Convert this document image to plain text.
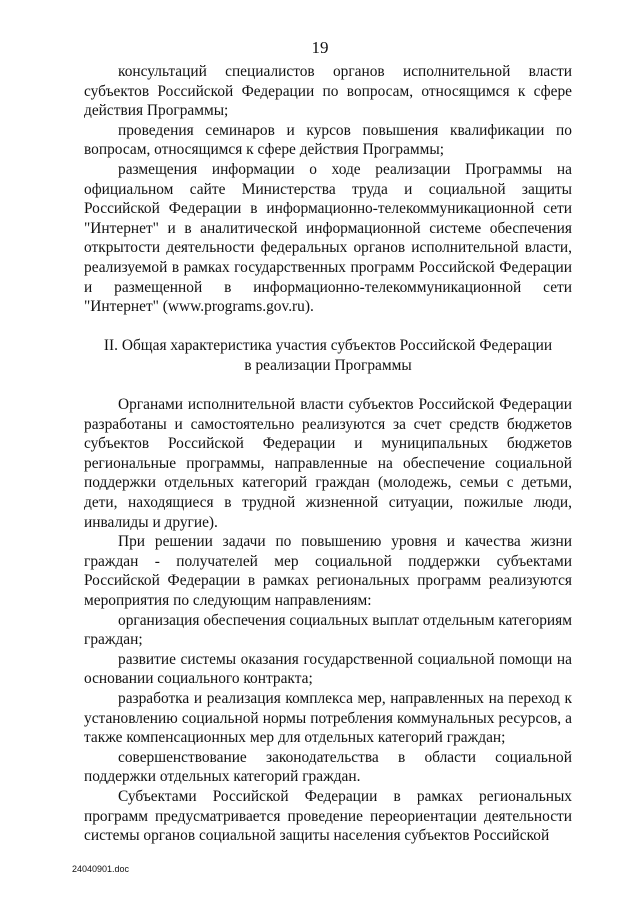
19

консультаций специалистов органов исполнительной власти субъектов Российской Федерации по вопросам, относящимся к сфере действия Программы;

проведения семинаров и курсов повышения квалификации по вопросам, относящимся к сфере действия Программы;

размещения информации о ходе реализации Программы на официальном сайте Министерства труда и социальной защиты Российской Федерации в информационно-телекоммуникационной сети "Интернет" и в аналитической информационной системе обеспечения открытости деятельности федеральных органов исполнительной власти, реализуемой в рамках государственных программ Российской Федерации и размещенной в информационно-телекоммуникационной сети "Интернет" (www.programs.gov.ru).

II. Общая характеристика участия субъектов Российской Федерации
в реализации Программы

Органами исполнительной власти субъектов Российской Федерации разработаны и самостоятельно реализуются за счет средств бюджетов субъектов Российской Федерации и муниципальных бюджетов региональные программы, направленные на обеспечение социальной поддержки отдельных категорий граждан (молодежь, семьи с детьми, дети, находящиеся в трудной жизненной ситуации, пожилые люди, инвалиды и другие).

При решении задачи по повышению уровня и качества жизни граждан - получателей мер социальной поддержки субъектами Российской Федерации в рамках региональных программ реализуются мероприятия по следующим направлениям:

организация обеспечения социальных выплат отдельным категориям граждан;

развитие системы оказания государственной социальной помощи на основании социального контракта;

разработка и реализация комплекса мер, направленных на переход к установлению социальной нормы потребления коммунальных ресурсов, а также компенсационных мер для отдельных категорий граждан;

совершенствование законодательства в области социальной поддержки отдельных категорий граждан.

Субъектами Российской Федерации в рамках региональных программ предусматривается проведение переориентации деятельности системы органов социальной защиты населения субъектов Российской

24040901.doc
